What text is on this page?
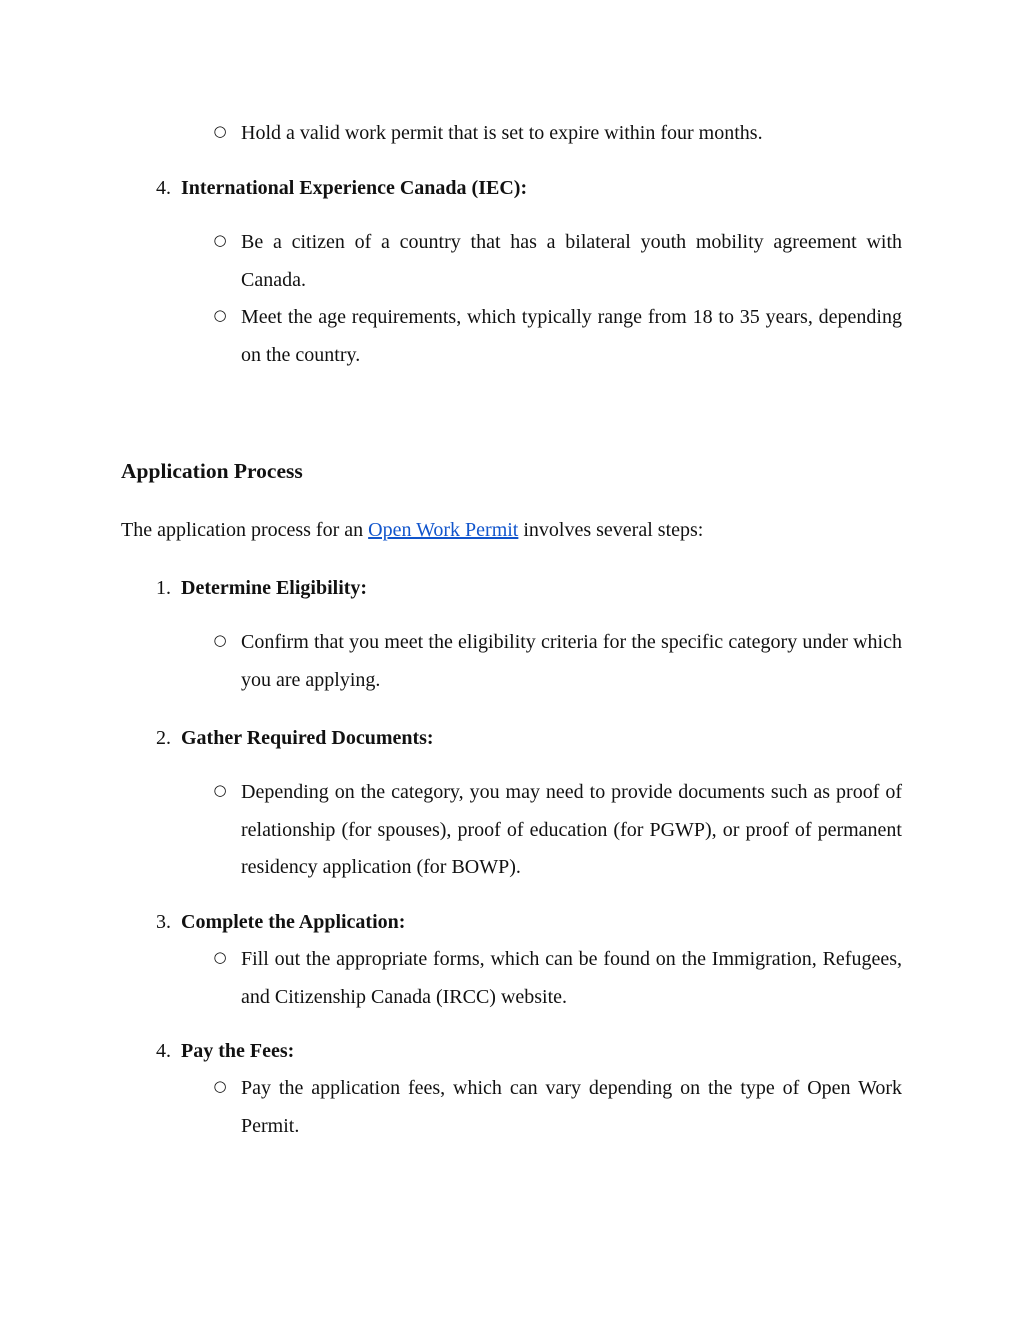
○ Hold a valid work permit that is set to expire within four months.
4. International Experience Canada (IEC):
○ Be a citizen of a country that has a bilateral youth mobility agreement with Canada.
○ Meet the age requirements, which typically range from 18 to 35 years, depending on the country.
Application Process
The application process for an Open Work Permit involves several steps:
1. Determine Eligibility:
○ Confirm that you meet the eligibility criteria for the specific category under which you are applying.
2. Gather Required Documents:
○ Depending on the category, you may need to provide documents such as proof of relationship (for spouses), proof of education (for PGWP), or proof of permanent residency application (for BOWP).
3. Complete the Application:
○ Fill out the appropriate forms, which can be found on the Immigration, Refugees, and Citizenship Canada (IRCC) website.
4. Pay the Fees:
○ Pay the application fees, which can vary depending on the type of Open Work Permit.
